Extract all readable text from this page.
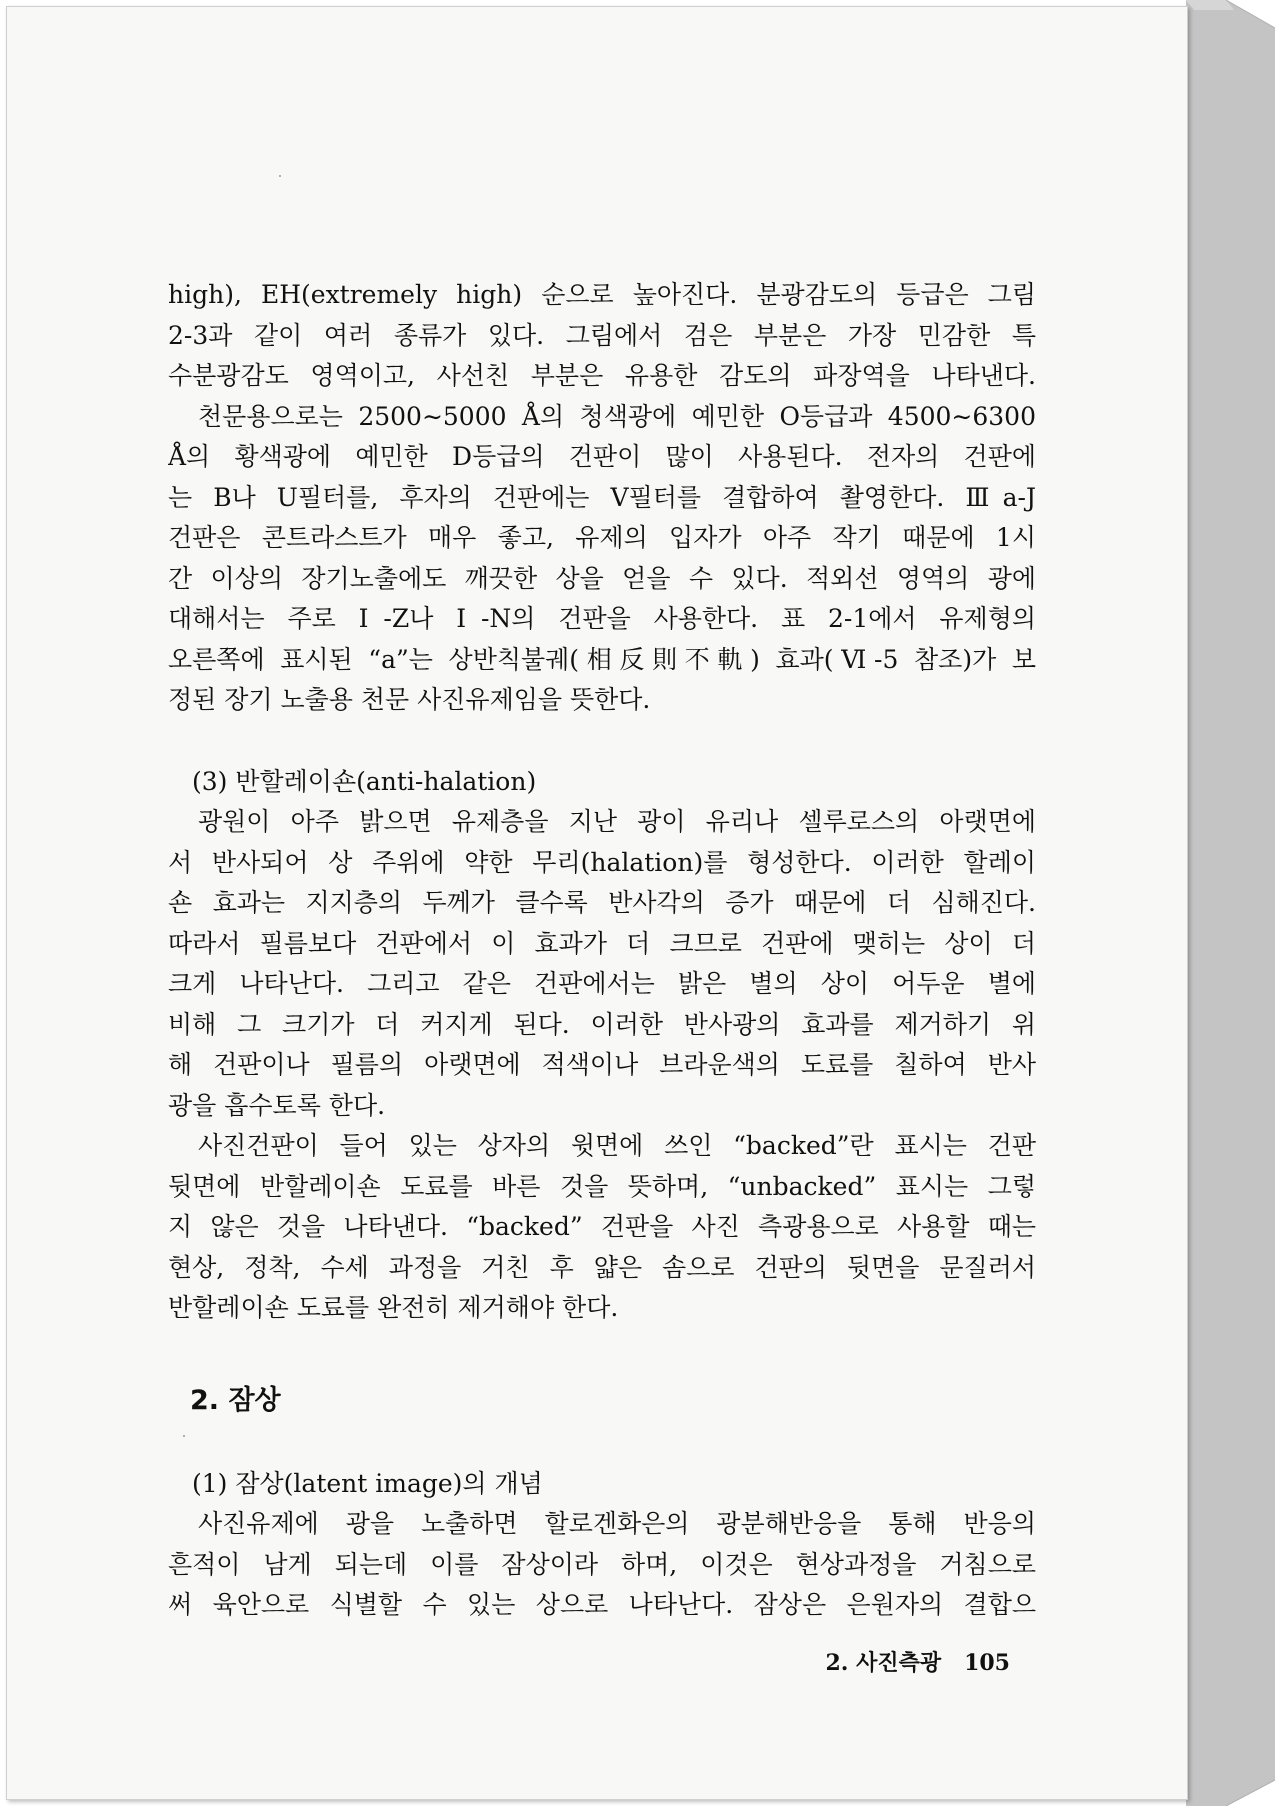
high), EH(extremely high) 순으로 높아진다. 분광감도의 등급은 그림
2-3과 같이 여러 종류가 있다. 그림에서 검은 부분은 가장 민감한 특
수분광감도 영역이고, 사선친 부분은 유용한 감도의 파장역을 나타낸다.
천문용으로는 2500∼5000 Å의 청색광에 예민한 O등급과 4500∼6300
Å의 황색광에 예민한 D등급의 건판이 많이 사용된다. 전자의 건판에
는 B나 U필터를, 후자의 건판에는 V필터를 결합하여 촬영한다. Ⅲa-J
건판은 콘트라스트가 매우 좋고, 유제의 입자가 아주 작기 때문에 1시
간 이상의 장기노출에도 깨끗한 상을 얻을 수 있다. 적외선 영역의 광에
대해서는 주로 Ⅰ-Z나 Ⅰ-N의 건판을 사용한다. 표 2-1에서 유제형의
오른쪽에 표시된 “a”는 상반칙불궤(相反則不軌) 효과(Ⅵ-5 참조)가 보
정된 장기 노출용 천문 사진유제임을 뜻한다.
(3) 반할레이숀(anti-halation)
광원이 아주 밝으면 유제층을 지난 광이 유리나 셀루로스의 아랫면에
서 반사되어 상 주위에 약한 무리(halation)를 형성한다. 이러한 할레이
숀 효과는 지지층의 두께가 클수록 반사각의 증가 때문에 더 심해진다.
따라서 필름보다 건판에서 이 효과가 더 크므로 건판에 맺히는 상이 더
크게 나타난다. 그리고 같은 건판에서는 밝은 별의 상이 어두운 별에
비해 그 크기가 더 커지게 된다. 이러한 반사광의 효과를 제거하기 위
해 건판이나 필름의 아랫면에 적색이나 브라운색의 도료를 칠하여 반사
광을 흡수토록 한다.
사진건판이 들어 있는 상자의 윗면에 쓰인 “backed”란 표시는 건판
뒷면에 반할레이숀 도료를 바른 것을 뜻하며, “unbacked” 표시는 그렇
지 않은 것을 나타낸다. “backed” 건판을 사진 측광용으로 사용할 때는
현상, 정착, 수세 과정을 거친 후 얇은 솜으로 건판의 뒷면을 문질러서
반할레이숀 도료를 완전히 제거해야 한다.
2. 잠상
(1) 잠상(latent image)의 개념
사진유제에 광을 노출하면 할로겐화은의 광분해반응을 통해 반응의
흔적이 남게 되는데 이를 잠상이라 하며, 이것은 현상과정을 거침으로
써 육안으로 식별할 수 있는 상으로 나타난다. 잠상은 은원자의 결합으
2. 사진측광 105
